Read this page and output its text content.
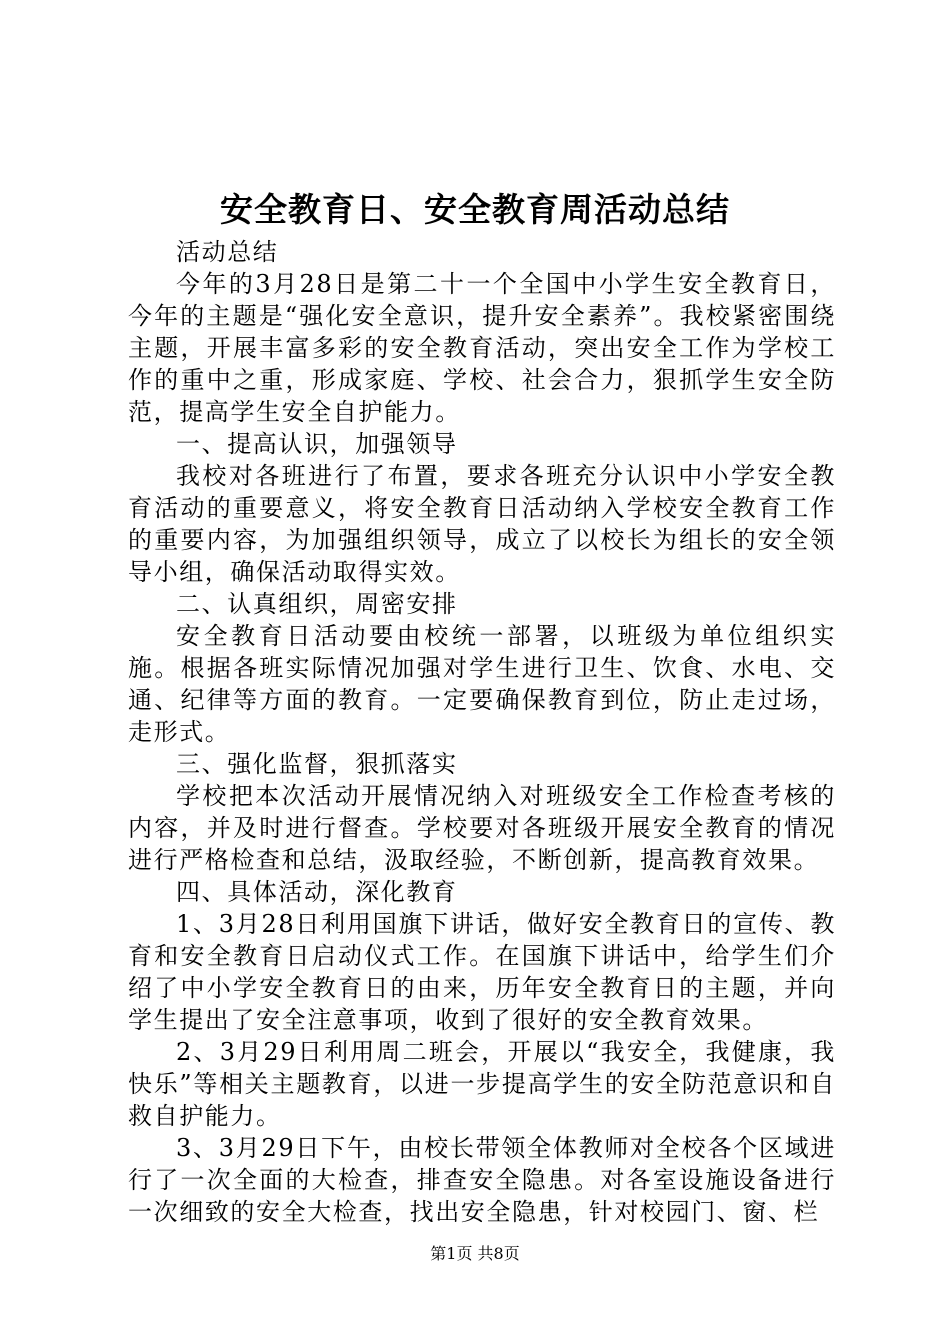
安全教育日、安全教育周活动总结

活动总结

今年的3月28日是第二十一个全国中小学生安全教育日，今年的主题是“强化安全意识，提升安全素养”。我校紧密围绕主题，开展丰富多彩的安全教育活动，突出安全工作为学校工作的重中之重，形成家庭、学校、社会合力，狠抓学生安全防范，提高学生安全自护能力。

一、提高认识，加强领导

我校对各班进行了布置，要求各班充分认识中小学安全教育活动的重要意义，将安全教育日活动纳入学校安全教育工作的重要内容，为加强组织领导，成立了以校长为组长的安全领导小组，确保活动取得实效。

二、认真组织，周密安排

安全教育日活动要由校统一部署，以班级为单位组织实施。根据各班实际情况加强对学生进行卫生、饮食、水电、交通、纪律等方面的教育。一定要确保教育到位，防止走过场，走形式。

三、强化监督，狠抓落实

学校把本次活动开展情况纳入对班级安全工作检查考核的内容，并及时进行督查。学校要对各班级开展安全教育的情况进行严格检查和总结，汲取经验，不断创新，提高教育效果。

四、具体活动，深化教育

1、3月28日利用国旗下讲话，做好安全教育日的宣传、教育和安全教育日启动仪式工作。在国旗下讲话中，给学生们介绍了中小学安全教育日的由来，历年安全教育日的主题，并向学生提出了安全注意事项，收到了很好的安全教育效果。

2、3月29日利用周二班会，开展以“我安全，我健康，我快乐”等相关主题教育，以进一步提高学生的安全防范意识和自救自护能力。

3、3月29日下午，由校长带领全体教师对全校各个区域进行了一次全面的大检查，排查安全隐患。对各室设施设备进行一次细致的安全大检查，找出安全隐患，针对校园门、窗、栏

第1页 共8页
